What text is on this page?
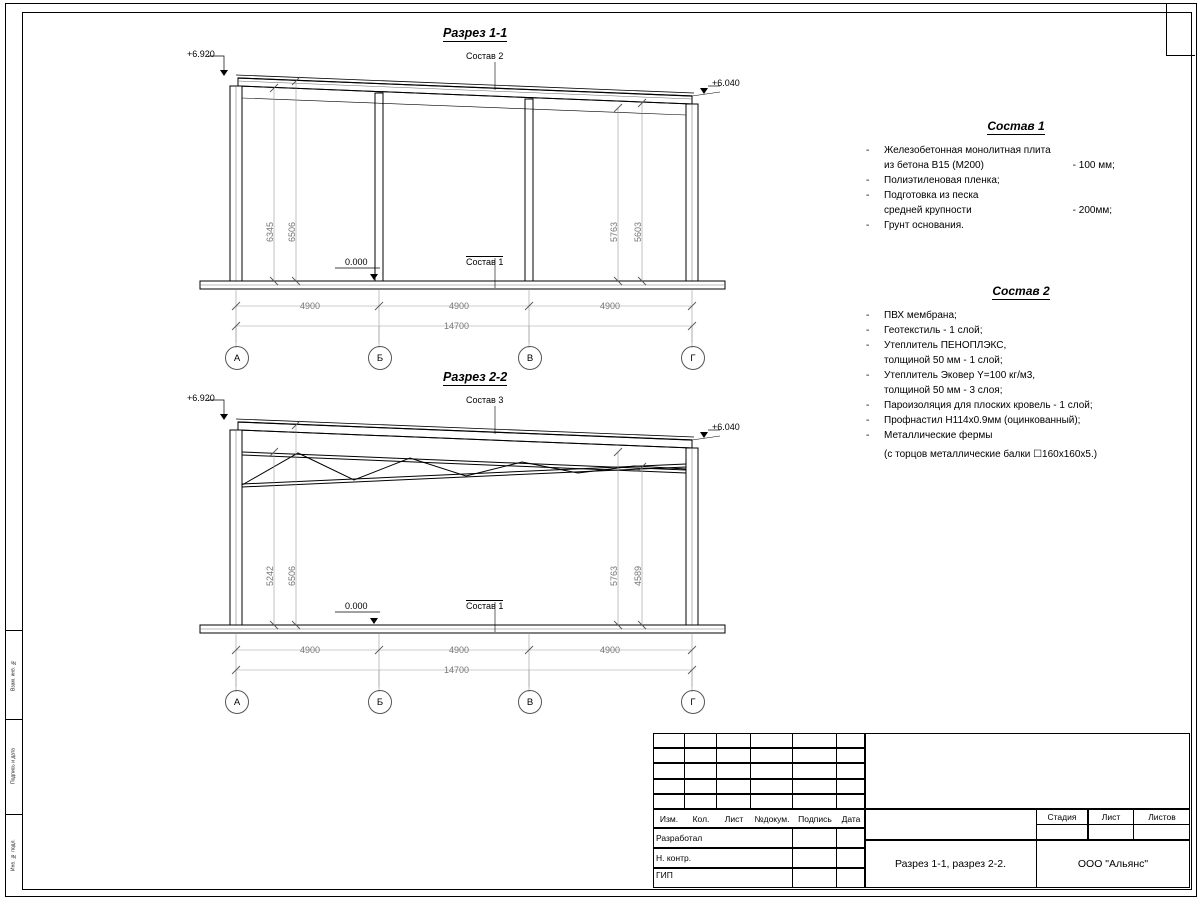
Взам. инв. №
Подпись и дата
Инв. № подл.
Разрез 1-1
+6.920
+6.040
0.000
Состав 2
Состав 1
6345 6506	5763 5603
4900	4900	4900
14700
А	Б	В	Г
Разрез 2-2
+6.920
+6.040
0.000
Состав 3
Состав 1
5242 6506	5763 4589
4900	4900	4900
14700
А	Б	В	Г
Состав 1
-	Железобетонная монолитная плита	
	из бетона В15 (М200)	- 100 мм;
-	Полиэтиленовая пленка;	
-	Подготовка из песка	
	средней крупности	- 200мм;
-	Грунт основания.	
Состав 2
-	ПВХ мембрана;
-	Геотекстиль - 1 слой;
-	Утеплитель ПЕНОПЛЭКС,
	толщиной 50 мм - 1 слой;
-	Утеплитель Эковер Y=100 кг/м3,
	толщиной 50 мм - 3 слоя;
-	Пароизоляция для плоских кровель - 1 слой;
-	Профнастил Н114х0.9мм (оцинкованный);
-	Металлические фермы
	(с торцов металлические балки ☐160х160х5.)
Изм.	Кол.	Лист	№докум.	Подпись	Дата
Разработал
Н. контр.
ГИП
Стадия	Лист	Листов
Разрез 1-1, разрез 2-2.	ООО "Альянс"
